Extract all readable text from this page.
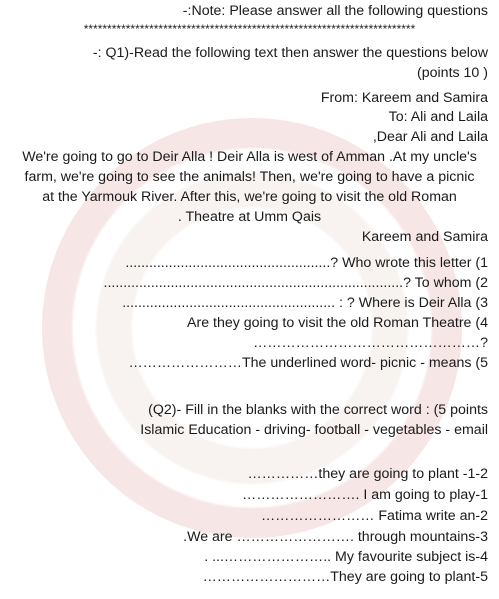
-:Note: Please answer all the following questions
***********************************************************************
-: Q1)-Read the following text then answer the questions below
(points 10 )
From: Kareem and Samira
To: Ali and Laila
,Dear Ali and Laila
We're going to go to Deir Alla ! Deir Alla is west of Amman .At my uncle's
farm, we're going to see the animals! Then, we're going to have a picnic
at the Yarmouk River. After this, we're going to visit the old Roman
. Theatre at Umm Qais
Kareem and Samira
....................................................? Who wrote this letter (1
............................................................................? To whom (2
...................................................... : ? Where is Deir Alla (3
Are they going to visit the old Roman Theatre (4
…………………………………………?
……………………The underlined word- picnic - means (5
(Q2)- Fill in the blanks with the correct word : (5 points
Islamic Education - driving- football - vegetables - email
……………they are going to plant -1-2
……………………. I am going to play-1
…………………… Fatima write an-2
.We are ……………………. through mountains-3
. ...………………….. My favourite subject is-4
………………………They are going to plant-5
